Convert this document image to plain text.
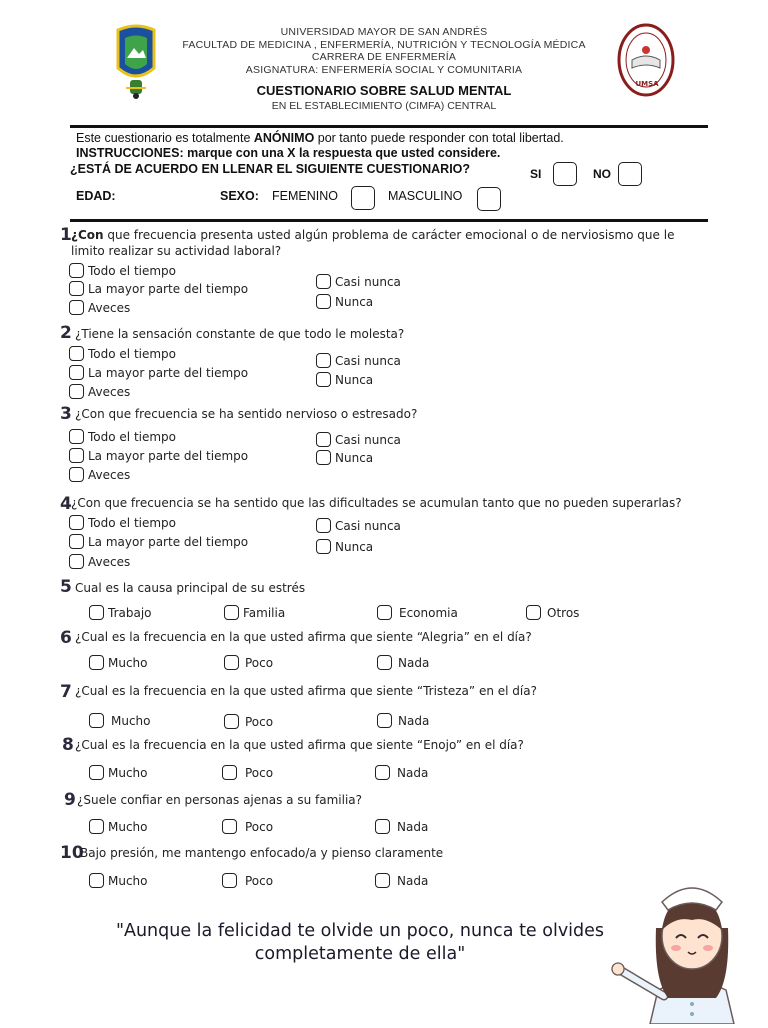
UMSA
UNIVERSIDAD MAYOR DE SAN ANDRÉS
FACULTAD DE MEDICINA , ENFERMERÍA, NUTRICIÓN Y TECNOLOGÍA MÉDICA
CARRERA DE ENFERMERÍA
ASIGNATURA: ENFERMERÍA SOCIAL Y COMUNITARIA
CUESTIONARIO SOBRE SALUD MENTAL
EN EL ESTABLECIMIENTO (CIMFA) CENTRAL
Este cuestionario es totalmente ANÓNIMO por tanto puede responder con total libertad.
INSTRUCCIONES: marque con una X la respuesta que usted considere.
¿ESTÁ DE ACUERDO EN LLENAR EL SIGUIENTE CUESTIONARIO?	SI	NO
EDAD:	SEXO: FEMENINO	MASCULINO
1 ¿Con que frecuencia presenta usted algún problema de carácter emocional o de nerviosismo que le
limito realizar su actividad laboral?
Todo el tiempo
La mayor parte del tiempo
Aveces
Casi nunca
Nunca
2 ¿Tiene la sensación constante de que todo le molesta?
Todo el tiempo
La mayor parte del tiempo
Aveces
Casi nunca
Nunca
3 ¿Con que frecuencia se ha sentido nervioso o estresado?
Todo el tiempo
La mayor parte del tiempo
Aveces
Casi nunca
Nunca
4 ¿Con que frecuencia se ha sentido que las dificultades se acumulan tanto que no pueden superarlas?
Todo el tiempo
La mayor parte del tiempo
Aveces
Casi nunca
Nunca
5 Cual es la causa principal de su estrés
Trabajo	Familia	Economia	Otros
6 ¿Cual es la frecuencia en la que usted afirma que siente “Alegria” en el día?
Mucho	Poco	Nada
7 ¿Cual es la frecuencia en la que usted afirma que siente “Tristeza” en el día?
Mucho	Poco	Nada
8 ¿Cual es la frecuencia en la que usted afirma que siente “Enojo” en el día?
Mucho	Poco	Nada
9 ¿Suele confiar en personas ajenas a su familia?
Mucho	Poco	Nada
10
Bajo presión, me mantengo enfocado/a y pienso claramente
Mucho	Poco	Nada
"Aunque la felicidad te olvide un poco, nunca te olvides
completamente de ella"
